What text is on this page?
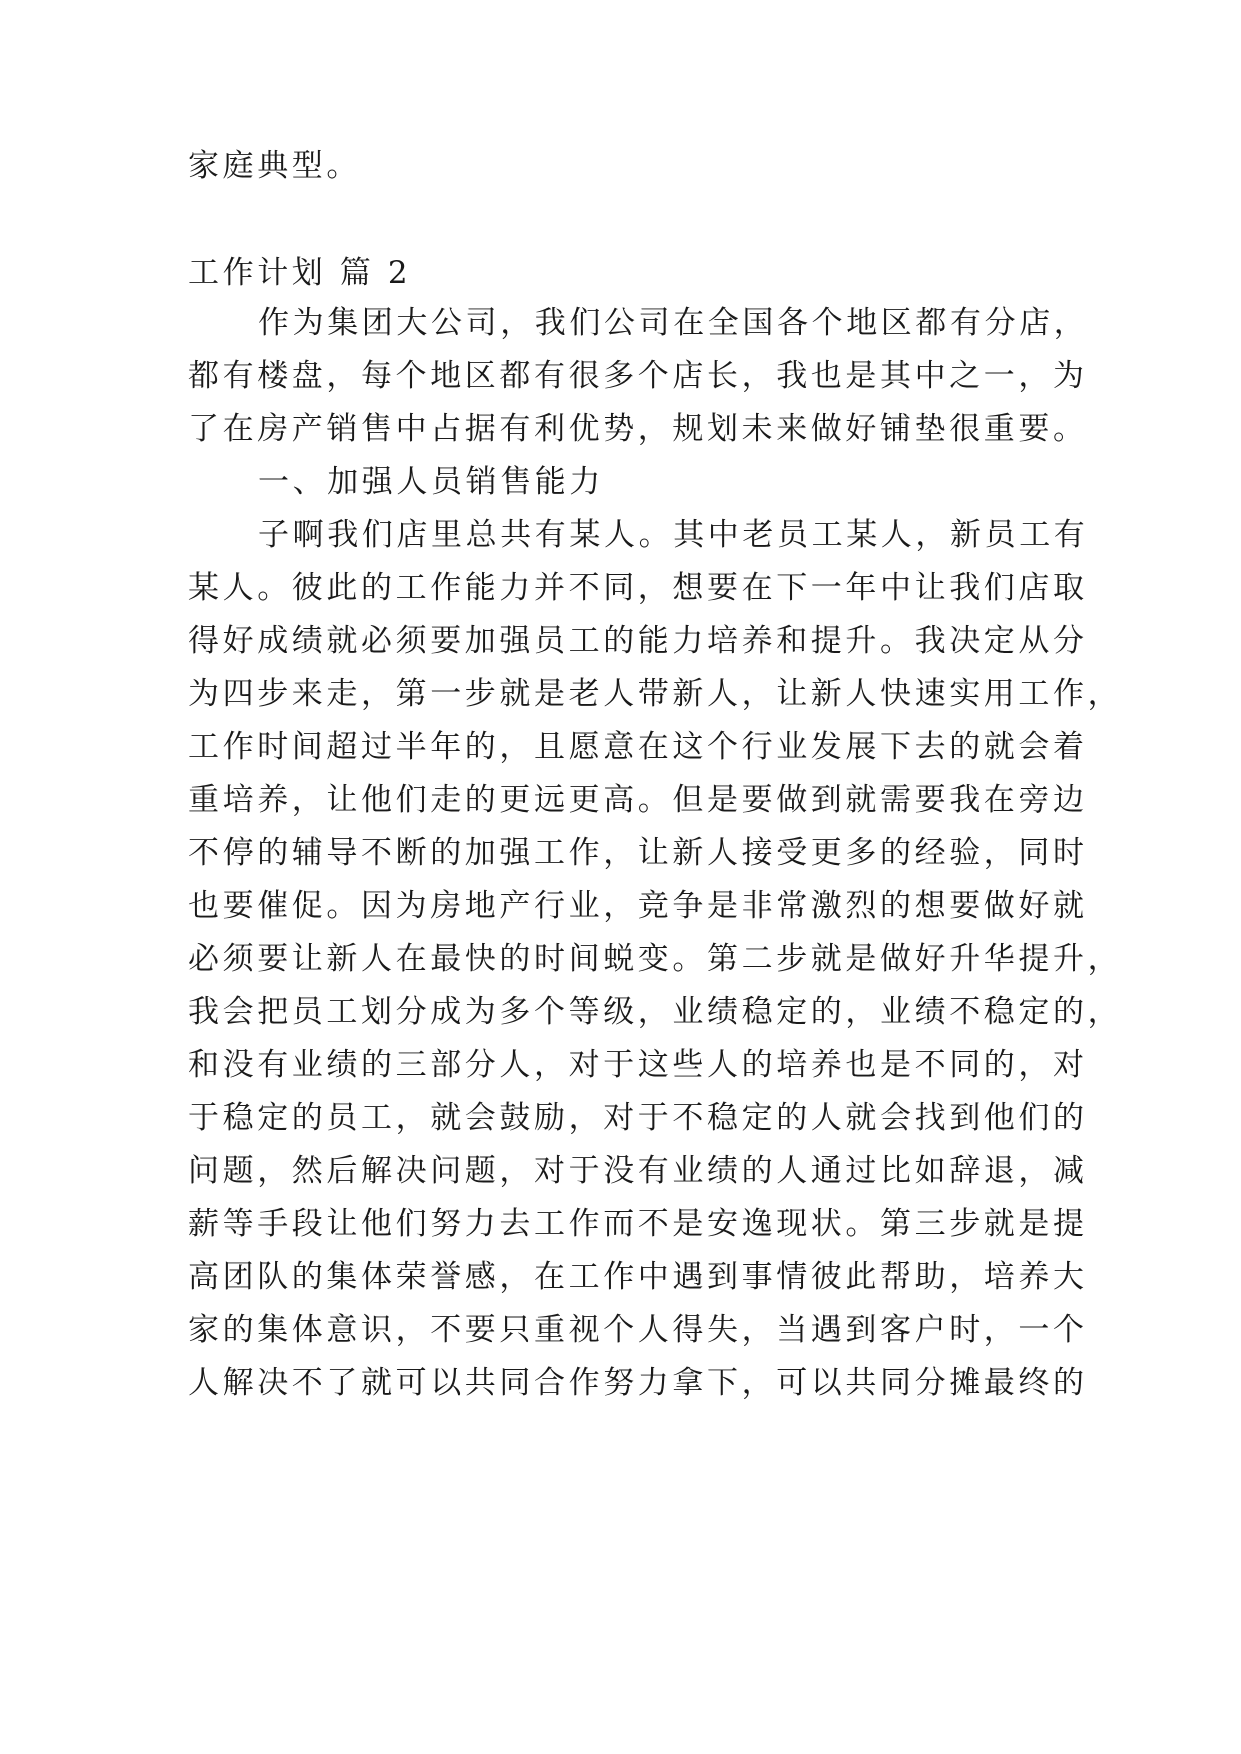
家庭典型。
工作计划 篇 2
作为集团大公司，我们公司在全国各个地区都有分店，
都有楼盘，每个地区都有很多个店长，我也是其中之一，为
了在房产销售中占据有利优势，规划未来做好铺垫很重要。
一、加强人员销售能力
子啊我们店里总共有某人。其中老员工某人，新员工有
某人。彼此的工作能力并不同，想要在下一年中让我们店取
得好成绩就必须要加强员工的能力培养和提升。我决定从分
为四步来走，第一步就是老人带新人，让新人快速实用工作，
工作时间超过半年的，且愿意在这个行业发展下去的就会着
重培养，让他们走的更远更高。但是要做到就需要我在旁边
不停的辅导不断的加强工作，让新人接受更多的经验，同时
也要催促。因为房地产行业，竞争是非常激烈的想要做好就
必须要让新人在最快的时间蜕变。第二步就是做好升华提升，
我会把员工划分成为多个等级，业绩稳定的，业绩不稳定的，
和没有业绩的三部分人，对于这些人的培养也是不同的，对
于稳定的员工，就会鼓励，对于不稳定的人就会找到他们的
问题，然后解决问题，对于没有业绩的人通过比如辞退，减
薪等手段让他们努力去工作而不是安逸现状。第三步就是提
高团队的集体荣誉感，在工作中遇到事情彼此帮助，培养大
家的集体意识，不要只重视个人得失，当遇到客户时，一个
人解决不了就可以共同合作努力拿下，可以共同分摊最终的
